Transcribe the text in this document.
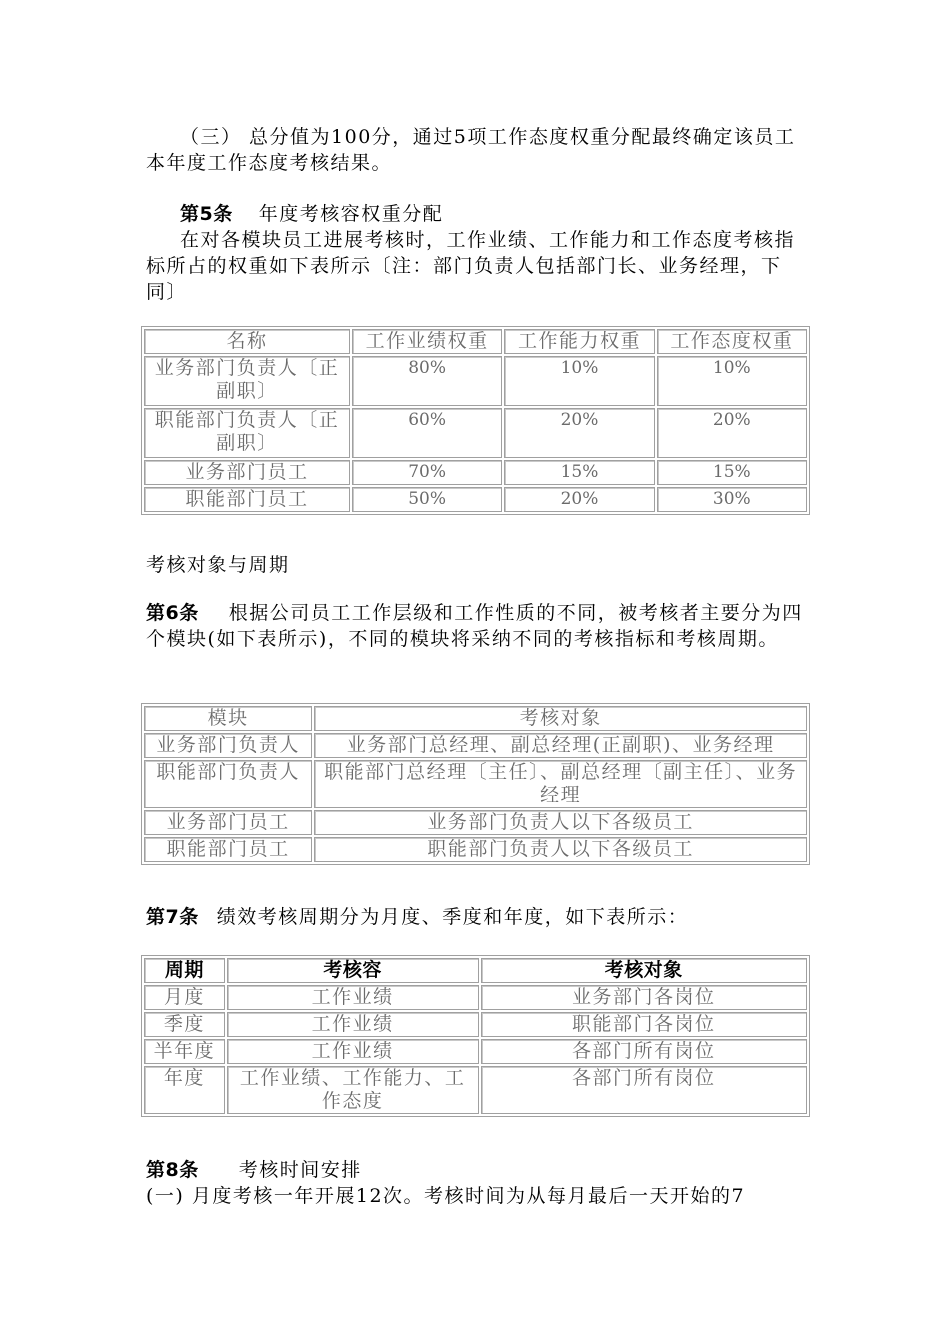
（三） 总分值为100分，通过5项工作态度权重分配最终确定该员工本年度工作态度考核结果。
第5条 年度考核容权重分配
在对各模块员工进展考核时，工作业绩、工作能力和工作态度考核指标所占的权重如下表所示〔注：部门负责人包括部门长、业务经理，下同〕
名称	工作业绩权重	工作能力权重	工作态度权重
业务部门负责人〔正副职〕	80%	10%	10%
职能部门负责人〔正副职〕	60%	20%	20%
业务部门员工	70%	15%	15%
职能部门员工	50%	20%	30%
考核对象与周期
第6条 根据公司员工工作层级和工作性质的不同，被考核者主要分为四个模块(如下表所示)，不同的模块将采纳不同的考核指标和考核周期。
模块	考核对象
业务部门负责人	业务部门总经理、副总经理(正副职)、业务经理
职能部门负责人	职能部门总经理〔主任〕、副总经理〔副主任〕、业务经理
业务部门员工	业务部门负责人以下各级员工
职能部门员工	职能部门负责人以下各级员工
第7条 绩效考核周期分为月度、季度和年度，如下表所示：
周期	考核容	考核对象
月度	工作业绩	业务部门各岗位
季度	工作业绩	职能部门各岗位
半年度	工作业绩	各部门所有岗位
年度	工作业绩、工作能力、工作态度	各部门所有岗位
第8条 考核时间安排
(一) 月度考核一年开展12次。考核时间为从每月最后一天开始的7
